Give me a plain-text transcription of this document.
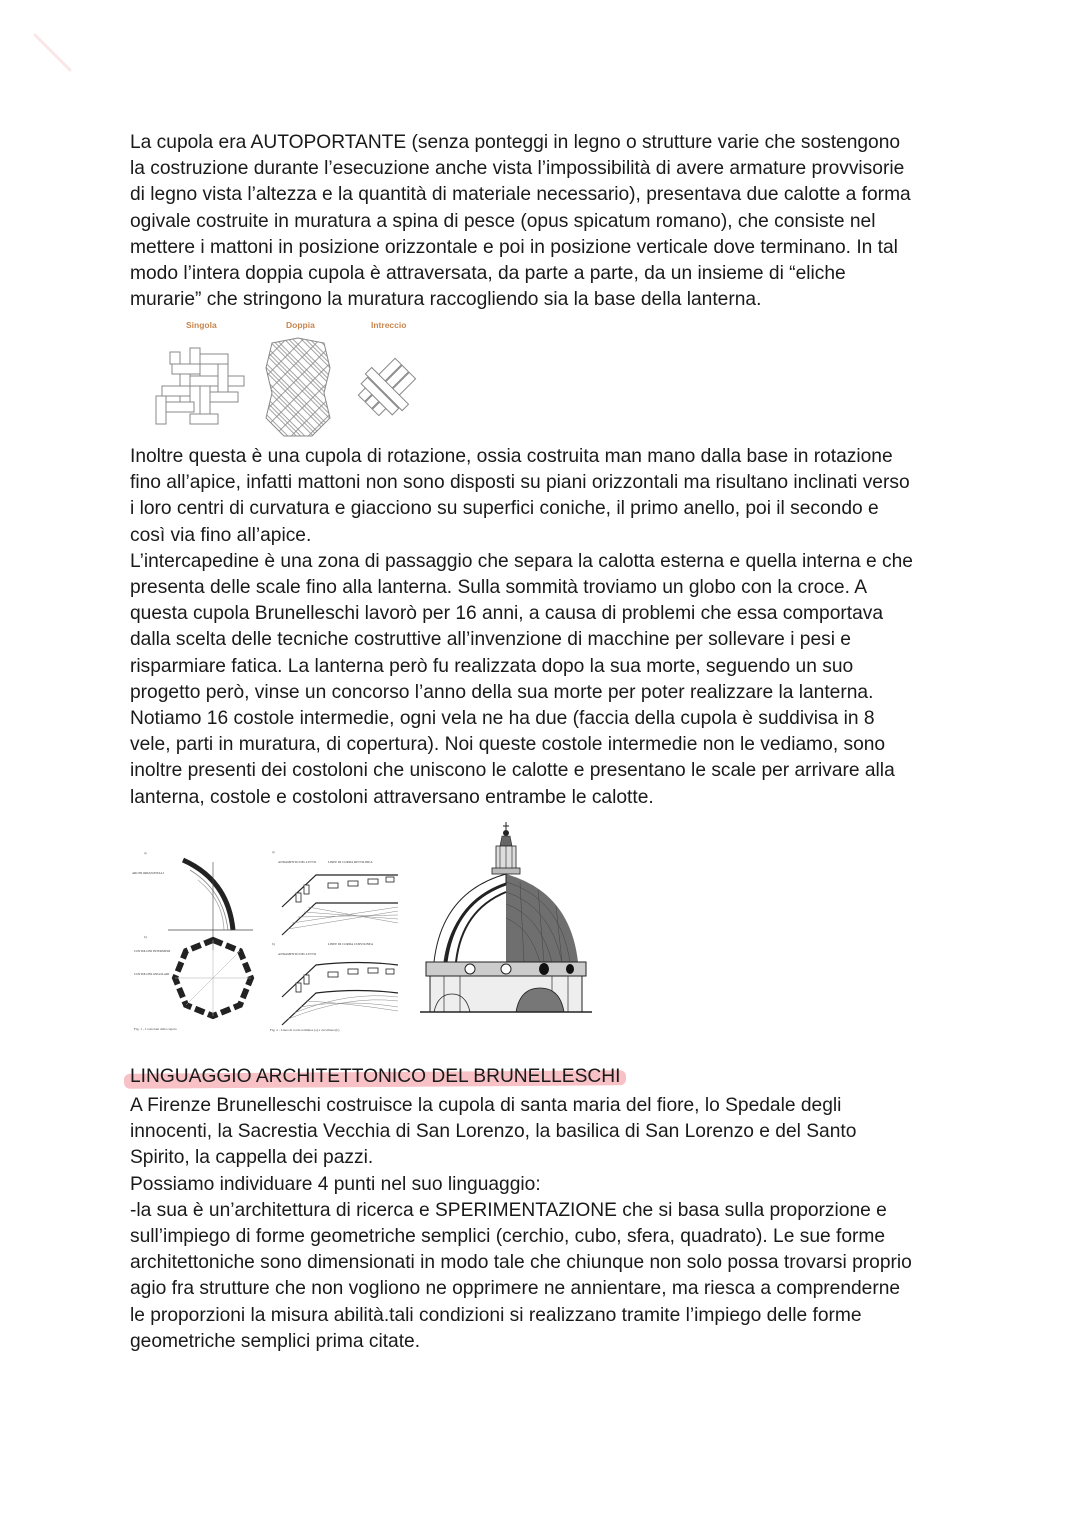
La cupola era AUTOPORTANTE (senza ponteggi in legno o strutture varie che sostengono
la costruzione durante l’esecuzione anche vista l’impossibilità di avere armature provvisorie
di legno vista l’altezza e la quantità di materiale necessario), presentava due calotte a forma
ogivale costruite in muratura a spina di pesce (opus spicatum romano), che consiste nel
mettere i mattoni in posizione orizzontale e poi in posizione verticale dove terminano. In tal
modo l’intera doppia cupola è attraversata, da parte a parte, da un insieme di “eliche
murarie” che stringono la muratura raccogliendo sia la base della lanterna.

Singola	Doppia	Intreccio

Inoltre questa è una cupola di rotazione, ossia costruita man mano dalla base in rotazione
fino all’apice, infatti mattoni non sono disposti su piani orizzontali ma risultano inclinati verso
i loro centri di curvatura e giacciono su superfici coniche, il primo anello, poi il secondo e
così via fino all’apice.
L’intercapedine è una zona di passaggio che separa la calotta esterna e quella interna e che
presenta delle scale fino alla lanterna. Sulla sommità troviamo un globo con la croce. A
questa cupola Brunelleschi lavorò per 16 anni, a causa di problemi che essa comportava
dalla scelta delle tecniche costruttive all’invenzione di macchine per sollevare i pesi e
risparmiare fatica. La lanterna però fu realizzata dopo la sua morte, seguendo un suo
progetto però, vinse un concorso l’anno della sua morte per poter realizzare la lanterna.
Notiamo 16 costole intermedie, ogni vela ne ha due (faccia della cupola è suddivisa in 8
vele, parti in muratura, di copertura). Noi queste costole intermedie non le vediamo, sono
inoltre presenti dei costoloni che uniscono le calotte e presentano le scale per arrivare alla
lanterna, costole e costoloni attraversano entrambe le calotte.

a)
ARCHI ORIZZONTALI
b)
COSTOLONI INTERMEDI
COSTOLONI ANGOLARI
Fig. 1 - I costoloni della cupola
a)
ANDAMENTO DEL LETTO	LINEE DI CORDA RETTILINEA
b)	LINEE DI CORDA CURVILINEA
ANDAMENTO DEL LETTO
Fig. 2 - Linea di corda rettilinea (a) e curvilinea (b)
LINGUAGGIO ARCHITETTONICO DEL BRUNELLESCHI

A Firenze Brunelleschi costruisce la cupola di santa maria del fiore, lo Spedale degli
innocenti, la Sacrestia Vecchia di San Lorenzo, la basilica di San Lorenzo e del Santo
Spirito, la cappella dei pazzi.
Possiamo individuare 4 punti nel suo linguaggio:
-la sua è un’architettura di ricerca e SPERIMENTAZIONE che si basa sulla proporzione e
sull’impiego di forme geometriche semplici (cerchio, cubo, sfera, quadrato). Le sue forme
architettoniche sono dimensionati in modo tale che chiunque non solo possa trovarsi proprio
agio fra strutture che non vogliono ne opprimere ne annientare, ma riesca a comprenderne
le proporzioni la misura abilità.tali condizioni si realizzano tramite l’impiego delle forme
geometriche semplici prima citate.
